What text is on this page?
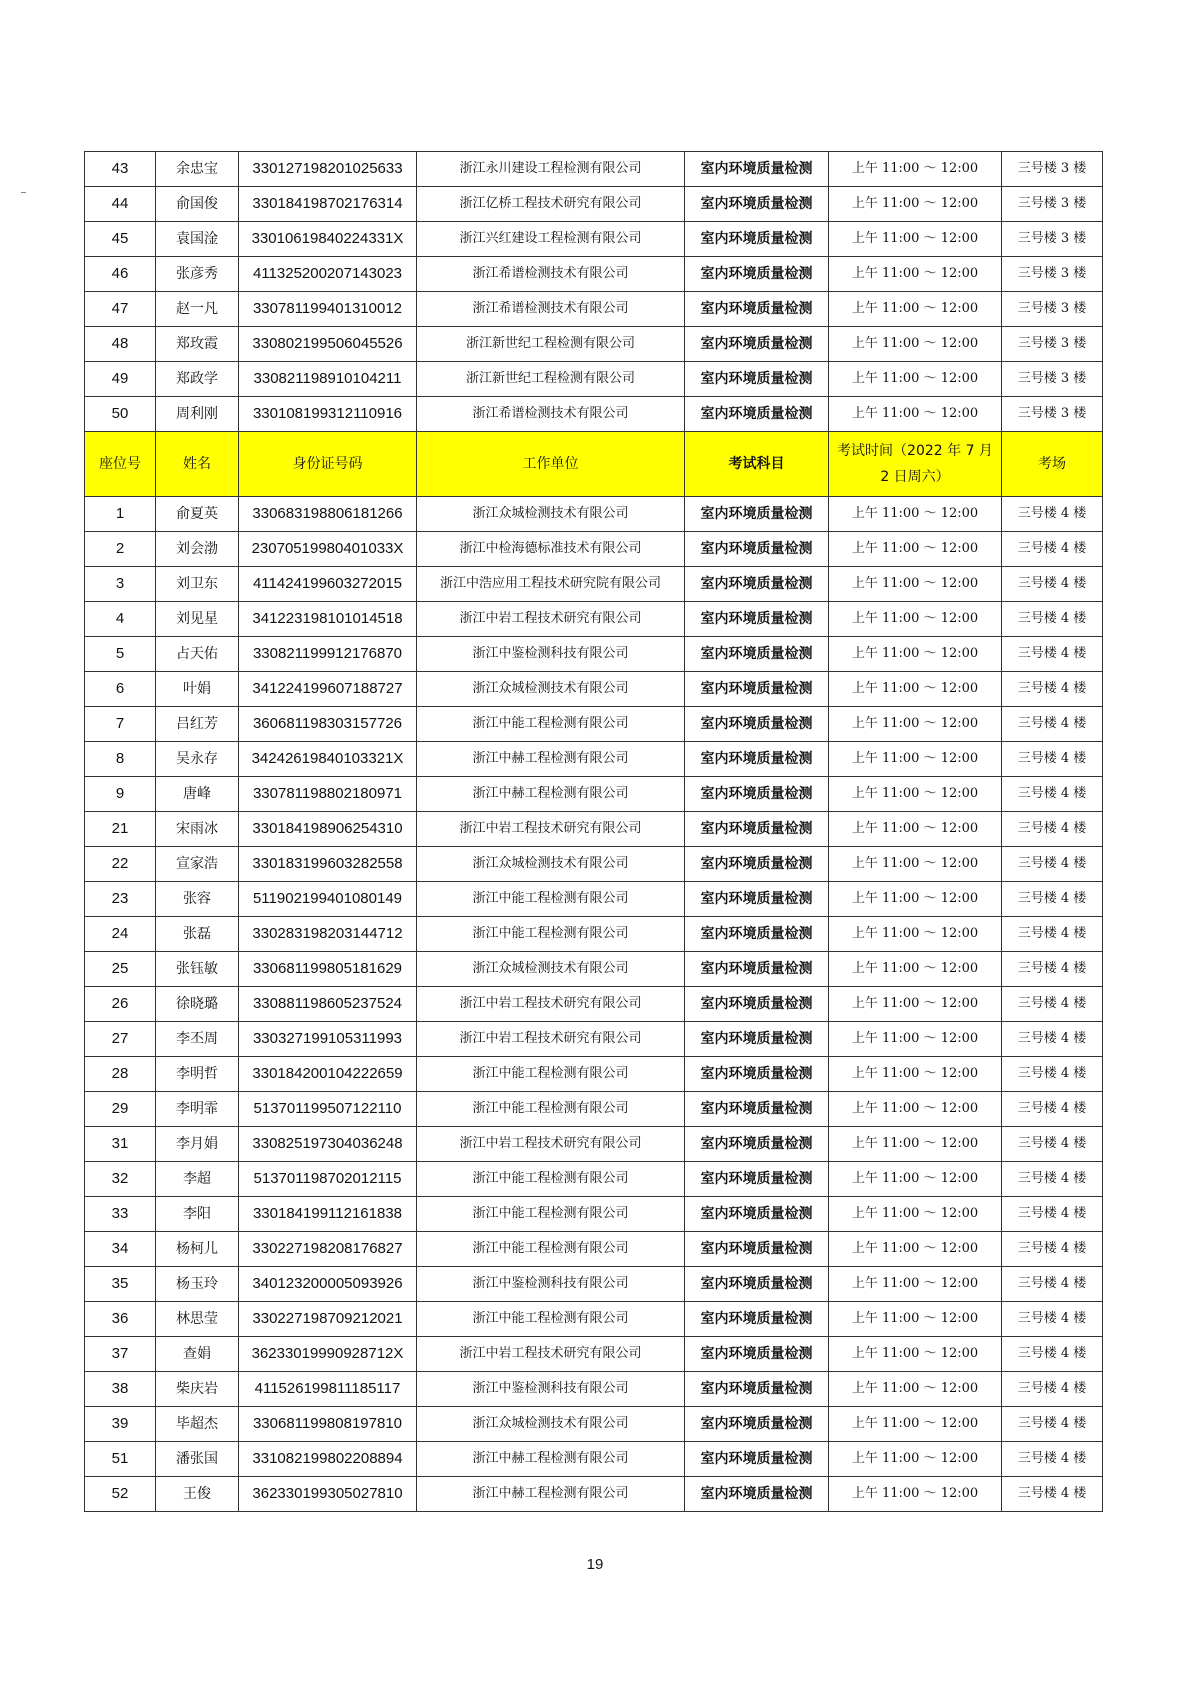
43	余忠宝	330127198201025633	浙江永川建设工程检测有限公司	室内环境质量检测	上午 11:00 ～ 12:00	三号楼 3 楼
44	俞国俊	330184198702176314	浙江亿桥工程技术研究有限公司	室内环境质量检测	上午 11:00 ～ 12:00	三号楼 3 楼
45	袁国淦	33010619840224331X	浙江兴红建设工程检测有限公司	室内环境质量检测	上午 11:00 ～ 12:00	三号楼 3 楼
46	张彦秀	411325200207143023	浙江希谱检测技术有限公司	室内环境质量检测	上午 11:00 ～ 12:00	三号楼 3 楼
47	赵一凡	330781199401310012	浙江希谱检测技术有限公司	室内环境质量检测	上午 11:00 ～ 12:00	三号楼 3 楼
48	郑玫霞	330802199506045526	浙江新世纪工程检测有限公司	室内环境质量检测	上午 11:00 ～ 12:00	三号楼 3 楼
49	郑政学	330821198910104211	浙江新世纪工程检测有限公司	室内环境质量检测	上午 11:00 ～ 12:00	三号楼 3 楼
50	周利刚	330108199312110916	浙江希谱检测技术有限公司	室内环境质量检测	上午 11:00 ～ 12:00	三号楼 3 楼
座位号	姓名	身份证号码	工作单位	考试科目	考试时间（2022 年 7 月 2 日周六）	考场
1	俞夏英	330683198806181266	浙江众城检测技术有限公司	室内环境质量检测	上午 11:00 ～ 12:00	三号楼 4 楼
2	刘会渤	23070519980401033X	浙江中检海德标准技术有限公司	室内环境质量检测	上午 11:00 ～ 12:00	三号楼 4 楼
3	刘卫东	411424199603272015	浙江中浩应用工程技术研究院有限公司	室内环境质量检测	上午 11:00 ～ 12:00	三号楼 4 楼
4	刘见星	341223198101014518	浙江中岩工程技术研究有限公司	室内环境质量检测	上午 11:00 ～ 12:00	三号楼 4 楼
5	占天佑	330821199912176870	浙江中鉴检测科技有限公司	室内环境质量检测	上午 11:00 ～ 12:00	三号楼 4 楼
6	叶娟	341224199607188727	浙江众城检测技术有限公司	室内环境质量检测	上午 11:00 ～ 12:00	三号楼 4 楼
7	吕红芳	360681198303157726	浙江中能工程检测有限公司	室内环境质量检测	上午 11:00 ～ 12:00	三号楼 4 楼
8	吴永存	34242619840103321X	浙江中赫工程检测有限公司	室内环境质量检测	上午 11:00 ～ 12:00	三号楼 4 楼
9	唐峰	330781198802180971	浙江中赫工程检测有限公司	室内环境质量检测	上午 11:00 ～ 12:00	三号楼 4 楼
21	宋雨冰	330184198906254310	浙江中岩工程技术研究有限公司	室内环境质量检测	上午 11:00 ～ 12:00	三号楼 4 楼
22	宣家浩	330183199603282558	浙江众城检测技术有限公司	室内环境质量检测	上午 11:00 ～ 12:00	三号楼 4 楼
23	张容	511902199401080149	浙江中能工程检测有限公司	室内环境质量检测	上午 11:00 ～ 12:00	三号楼 4 楼
24	张磊	330283198203144712	浙江中能工程检测有限公司	室内环境质量检测	上午 11:00 ～ 12:00	三号楼 4 楼
25	张钰敏	330681199805181629	浙江众城检测技术有限公司	室内环境质量检测	上午 11:00 ～ 12:00	三号楼 4 楼
26	徐晓璐	330881198605237524	浙江中岩工程技术研究有限公司	室内环境质量检测	上午 11:00 ～ 12:00	三号楼 4 楼
27	李丕周	330327199105311993	浙江中岩工程技术研究有限公司	室内环境质量检测	上午 11:00 ～ 12:00	三号楼 4 楼
28	李明哲	330184200104222659	浙江中能工程检测有限公司	室内环境质量检测	上午 11:00 ～ 12:00	三号楼 4 楼
29	李明霏	513701199507122110	浙江中能工程检测有限公司	室内环境质量检测	上午 11:00 ～ 12:00	三号楼 4 楼
31	李月娟	330825197304036248	浙江中岩工程技术研究有限公司	室内环境质量检测	上午 11:00 ～ 12:00	三号楼 4 楼
32	李超	513701198702012115	浙江中能工程检测有限公司	室内环境质量检测	上午 11:00 ～ 12:00	三号楼 4 楼
33	李阳	330184199112161838	浙江中能工程检测有限公司	室内环境质量检测	上午 11:00 ～ 12:00	三号楼 4 楼
34	杨柯儿	330227198208176827	浙江中能工程检测有限公司	室内环境质量检测	上午 11:00 ～ 12:00	三号楼 4 楼
35	杨玉玲	340123200005093926	浙江中鉴检测科技有限公司	室内环境质量检测	上午 11:00 ～ 12:00	三号楼 4 楼
36	林思莹	330227198709212021	浙江中能工程检测有限公司	室内环境质量检测	上午 11:00 ～ 12:00	三号楼 4 楼
37	查娟	36233019990928712X	浙江中岩工程技术研究有限公司	室内环境质量检测	上午 11:00 ～ 12:00	三号楼 4 楼
38	柴庆岩	411526199811185117	浙江中鉴检测科技有限公司	室内环境质量检测	上午 11:00 ～ 12:00	三号楼 4 楼
39	毕超杰	330681199808197810	浙江众城检测技术有限公司	室内环境质量检测	上午 11:00 ～ 12:00	三号楼 4 楼
51	潘张国	331082199802208894	浙江中赫工程检测有限公司	室内环境质量检测	上午 11:00 ～ 12:00	三号楼 4 楼
52	王俊	362330199305027810	浙江中赫工程检测有限公司	室内环境质量检测	上午 11:00 ～ 12:00	三号楼 4 楼
19
